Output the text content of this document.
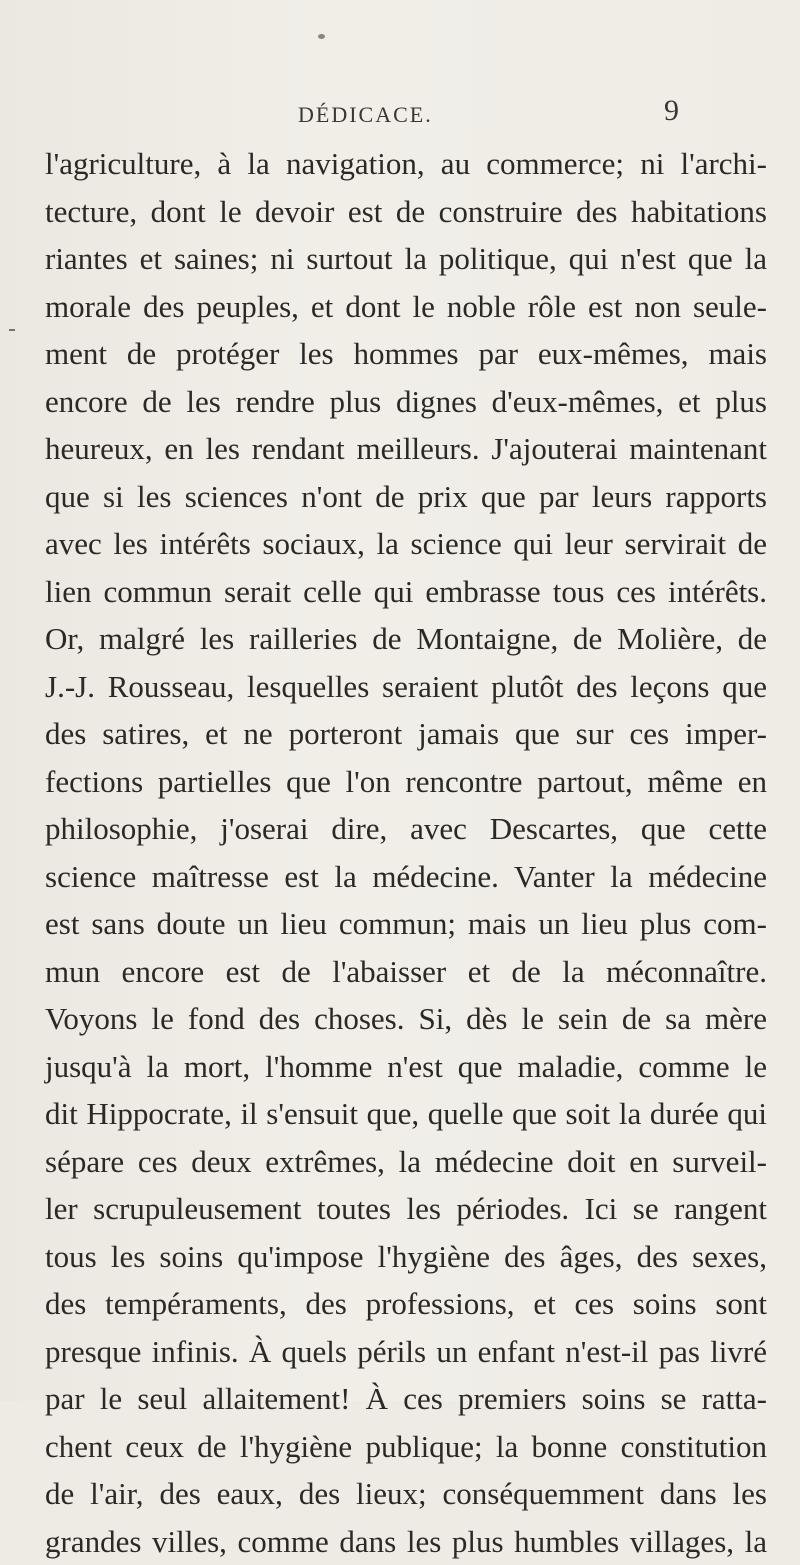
DÉDICACE.	9
l'agriculture, à la navigation, au commerce; ni l'archi-
tecture, dont le devoir est de construire des habitations
riantes et saines; ni surtout la politique, qui n'est que la
morale des peuples, et dont le noble rôle est non seule-
ment de protéger les hommes par eux-mêmes, mais
encore de les rendre plus dignes d'eux-mêmes, et plus
heureux, en les rendant meilleurs. J'ajouterai maintenant
que si les sciences n'ont de prix que par leurs rapports
avec les intérêts sociaux, la science qui leur servirait de
lien commun serait celle qui embrasse tous ces intérêts.
Or, malgré les railleries de Montaigne, de Molière, de
J.-J. Rousseau, lesquelles seraient plutôt des leçons que
des satires, et ne porteront jamais que sur ces imper-
fections partielles que l'on rencontre partout, même en
philosophie, j'oserai dire, avec Descartes, que cette
science maîtresse est la médecine. Vanter la médecine
est sans doute un lieu commun; mais un lieu plus com-
mun encore est de l'abaisser et de la méconnaître.
Voyons le fond des choses. Si, dès le sein de sa mère
jusqu'à la mort, l'homme n'est que maladie, comme le
dit Hippocrate, il s'ensuit que, quelle que soit la durée qui
sépare ces deux extrêmes, la médecine doit en surveil-
ler scrupuleusement toutes les périodes. Ici se rangent
tous les soins qu'impose l'hygiène des âges, des sexes,
des tempéraments, des professions, et ces soins sont
presque infinis. À quels périls un enfant n'est-il pas livré
par le seul allaitement! À ces premiers soins se ratta-
chent ceux de l'hygiène publique; la bonne constitution
de l'air, des eaux, des lieux; conséquemment dans les
grandes villes, comme dans les plus humbles villages, la
